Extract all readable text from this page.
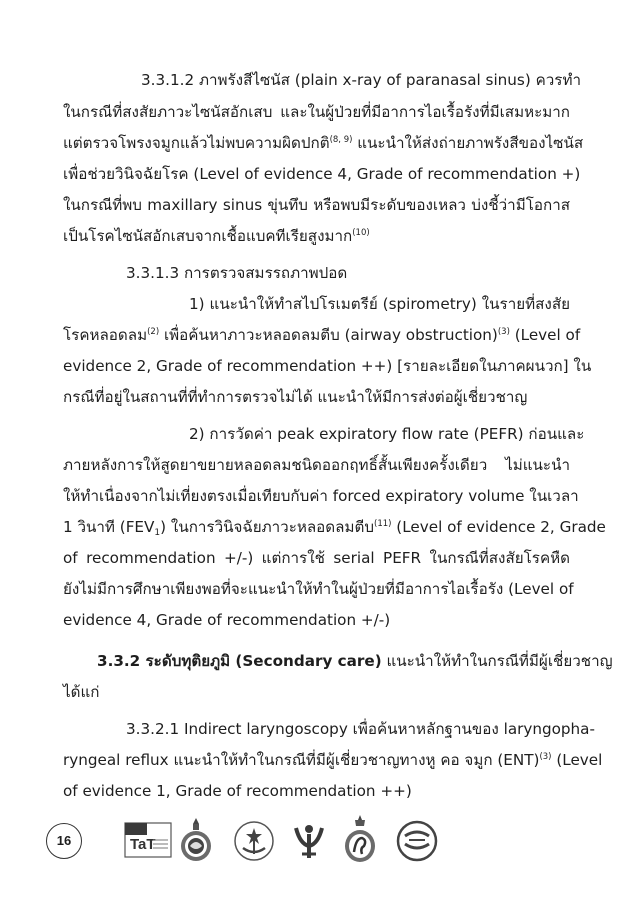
3.3.1.2 ภาพรังสีไซนัส (plain x-ray of paranasal sinus) ควรทำ
ในกรณีที่สงสัยภาวะไซนัสอักเสบ และในผู้ป่วยที่มีอาการไอเรื้อรังที่มีเสมหะมาก
แต่ตรวจโพรงจมูกแล้วไม่พบความผิดปกติ$^{(8, 9)}$ แนะนำให้ส่งถ่ายภาพรังสีของไซนัส
เพื่อช่วยวินิจฉัยโรค (Level of evidence 4, Grade of recommendation +)
ในกรณีที่พบ maxillary sinus ขุ่นทึบ หรือพบมีระดับของเหลว บ่งชี้ว่ามีโอกาส
เป็นโรคไซนัสอักเสบจากเชื้อแบคทีเรียสูงมาก$^{(10)}$
3.3.1.3 การตรวจสมรรถภาพปอด
1) แนะนำให้ทำสไปโรเมตรีย์ (spirometry) ในรายที่สงสัย
โรคหลอดลม$^{(2)}$ เพื่อค้นหาภาวะหลอดลมตีบ (airway obstruction)$^{(3)}$ (Level of
evidence 2, Grade of recommendation ++) [รายละเอียดในภาคผนวก] ใน
กรณีที่อยู่ในสถานที่ที่ทำการตรวจไม่ได้ แนะนำให้มีการส่งต่อผู้เชี่ยวชาญ
2) การวัดค่า peak expiratory flow rate (PEFR) ก่อนและ
ภายหลังการให้สูดยาขยายหลอดลมชนิดออกฤทธิ์สั้นเพียงครั้งเดียว ไม่แนะนำ
ให้ทำเนื่องจากไม่เที่ยงตรงเมื่อเทียบกับค่า forced expiratory volume ในเวลา
1 วินาที $(FEV_1)$ ในการวินิจฉัยภาวะหลอดลมตีบ$^{(11)}$ (Level of evidence 2, Grade
of recommendation +/-) แต่การใช้ serial PEFR ในกรณีที่สงสัยโรคหืด
ยังไม่มีการศึกษาเพียงพอที่จะแนะนำให้ทำในผู้ป่วยที่มีอาการไอเรื้อรัง (Level of
evidence 4, Grade of recommendation +/-)
3.3.2 ระดับทุติยภูมิ (Secondary care) แนะนำให้ทำในกรณีที่มีผู้เชี่ยวชาญ
ได้แก่
3.3.2.1 Indirect laryngoscopy เพื่อค้นหาหลักฐานของ laryngopha-
ryngeal reflux แนะนำให้ทำในกรณีที่มีผู้เชี่ยวชาญทางหู คอ จมูก (ENT)$^{(3)}$ (Level
of evidence 1, Grade of recommendation ++)
16	TaT
